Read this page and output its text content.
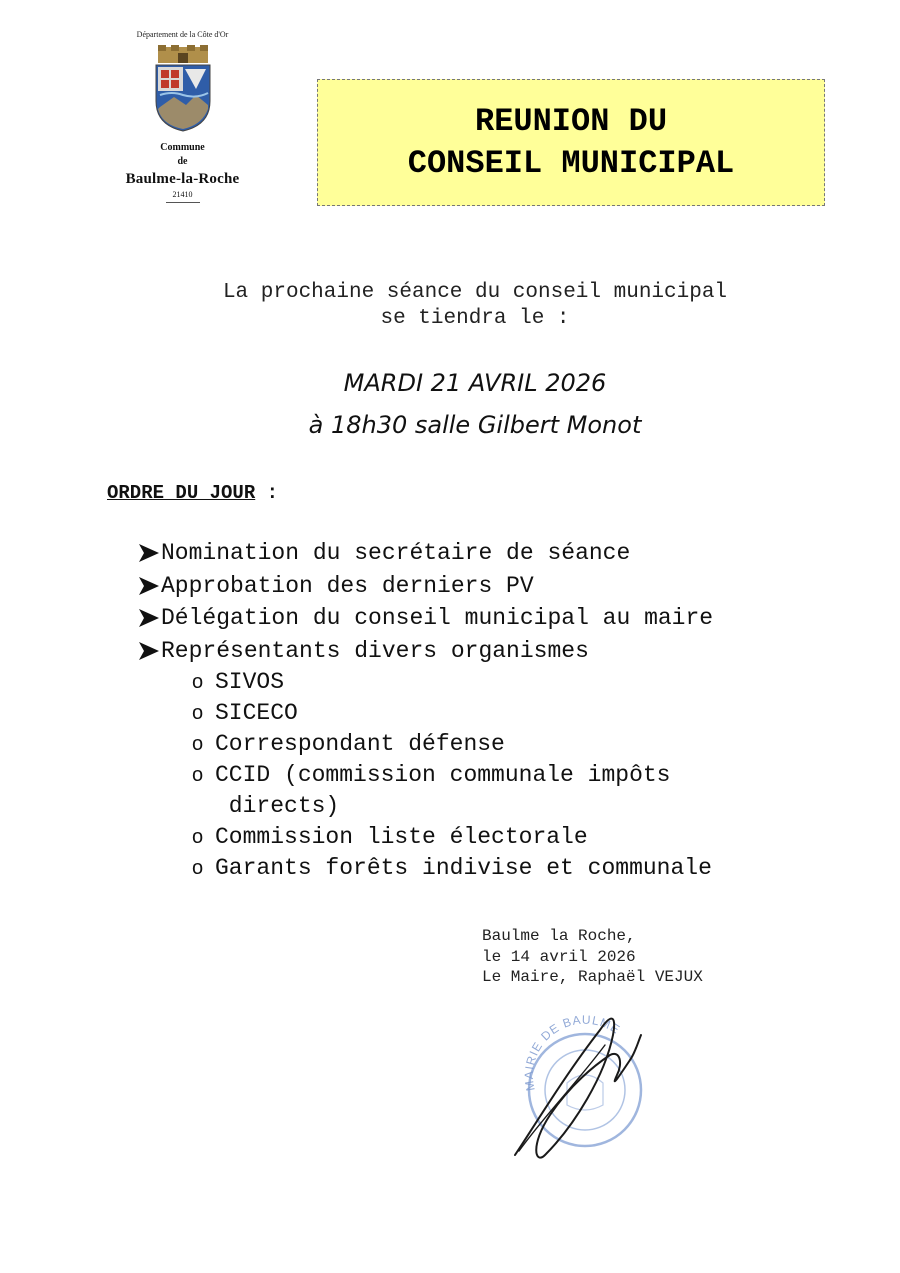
Département de la Côte d'Or
Commune
de
Baulme-la-Roche
21410
REUNION DU
CONSEIL MUNICIPAL
La prochaine séance du conseil municipal
se tiendra le :
MARDI 21 AVRIL 2026
à 18h30 salle Gilbert Monot
ORDRE DU JOUR :
Nomination du secrétaire de séance
Approbation des derniers PV
Délégation du conseil municipal au maire
Représentants divers organismes
o SIVOS
o SICECO
o Correspondant défense
o CCID (commission communale impôts
directs)
o Commission liste électorale
o Garants forêts indivise et communale
Baulme la Roche,
le 14 avril 2026
Le Maire, Raphaël VEJUX
MAIRIE DE BAULME
